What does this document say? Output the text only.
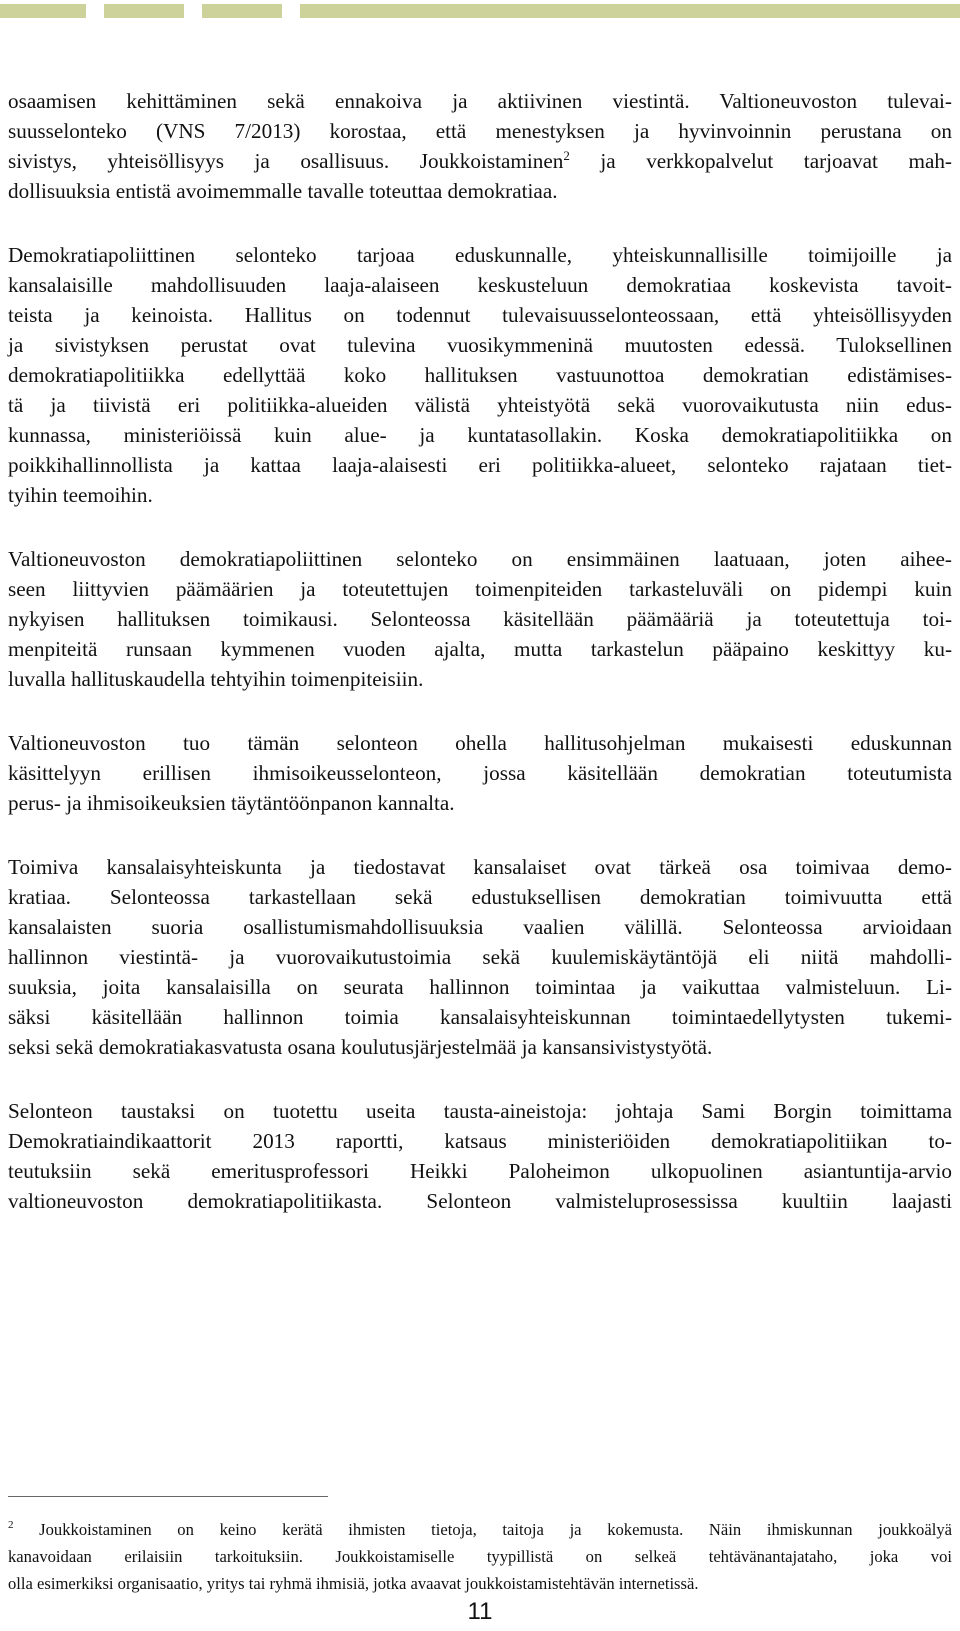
osaamisen kehittäminen sekä ennakoiva ja aktiivinen viestintä. Valtioneuvoston tulevai-
suusselonteko (VNS 7/2013) korostaa, että menestyksen ja hyvinvoinnin perustana on
sivistys, yhteisöllisyys ja osallisuus. Joukkoistaminen$^2$ ja verkkopalvelut tarjoavat mah-
dollisuuksia entistä avoimemmalle tavalle toteuttaa demokratiaa.

Demokratiapoliittinen selonteko tarjoaa eduskunnalle, yhteiskunnallisille toimijoille ja
kansalaisille mahdollisuuden laaja-alaiseen keskusteluun demokratiaa koskevista tavoit-
teista ja keinoista. Hallitus on todennut tulevaisuusselonteossaan, että yhteisöllisyyden
ja sivistyksen perustat ovat tulevina vuosikymmeninä muutosten edessä. Tuloksellinen
demokratiapolitiikka edellyttää koko hallituksen vastuunottoa demokratian edistämises-
tä ja tiivistä eri politiikka-alueiden välistä yhteistyötä sekä vuorovaikutusta niin edus-
kunnassa, ministeriöissä kuin alue- ja kuntatasollakin. Koska demokratiapolitiikka on
poikkihallinnollista ja kattaa laaja-alaisesti eri politiikka-alueet, selonteko rajataan tiet-
tyihin teemoihin.

Valtioneuvoston demokratiapoliittinen selonteko on ensimmäinen laatuaan, joten aihee-
seen liittyvien päämäärien ja toteutettujen toimenpiteiden tarkasteluväli on pidempi kuin
nykyisen hallituksen toimikausi. Selonteossa käsitellään päämääriä ja toteutettuja toi-
menpiteitä runsaan kymmenen vuoden ajalta, mutta tarkastelun pääpaino keskittyy ku-
luvalla hallituskaudella tehtyihin toimenpiteisiin.

Valtioneuvoston tuo tämän selonteon ohella hallitusohjelman mukaisesti eduskunnan
käsittelyyn erillisen ihmisoikeusselonteon, jossa käsitellään demokratian toteutumista
perus- ja ihmisoikeuksien täytäntöönpanon kannalta.

Toimiva kansalaisyhteiskunta ja tiedostavat kansalaiset ovat tärkeä osa toimivaa demo-
kratiaa. Selonteossa tarkastellaan sekä edustuksellisen demokratian toimivuutta että
kansalaisten suoria osallistumismahdollisuuksia vaalien välillä. Selonteossa arvioidaan
hallinnon viestintä- ja vuorovaikutustoimia sekä kuulemiskäytäntöjä eli niitä mahdolli-
suuksia, joita kansalaisilla on seurata hallinnon toimintaa ja vaikuttaa valmisteluun. Li-
säksi käsitellään hallinnon toimia kansalaisyhteiskunnan toimintaedellytysten tukemi-
seksi sekä demokratiakasvatusta osana koulutusjärjestelmää ja kansansivistystyötä.

Selonteon taustaksi on tuotettu useita tausta-aineistoja: johtaja Sami Borgin toimittama
Demokratiaindikaattorit 2013 raportti, katsaus ministeriöiden demokratiapolitiikan to-
teutuksiin sekä emeritusprofessori Heikki Paloheimon ulkopuolinen asiantuntija-arvio
valtioneuvoston demokratiapolitiikasta. Selonteon valmisteluprosessissa kuultiin laajasti

$^2$ Joukkoistaminen on keino kerätä ihmisten tietoja, taitoja ja kokemusta. Näin ihmiskunnan joukkoälyä
kanavoidaan erilaisiin tarkoituksiin. Joukkoistamiselle tyypillistä on selkeä tehtävänantajataho, joka voi
olla esimerkiksi organisaatio, yritys tai ryhmä ihmisiä, jotka avaavat joukkoistamistehtävän internetissä.
11
